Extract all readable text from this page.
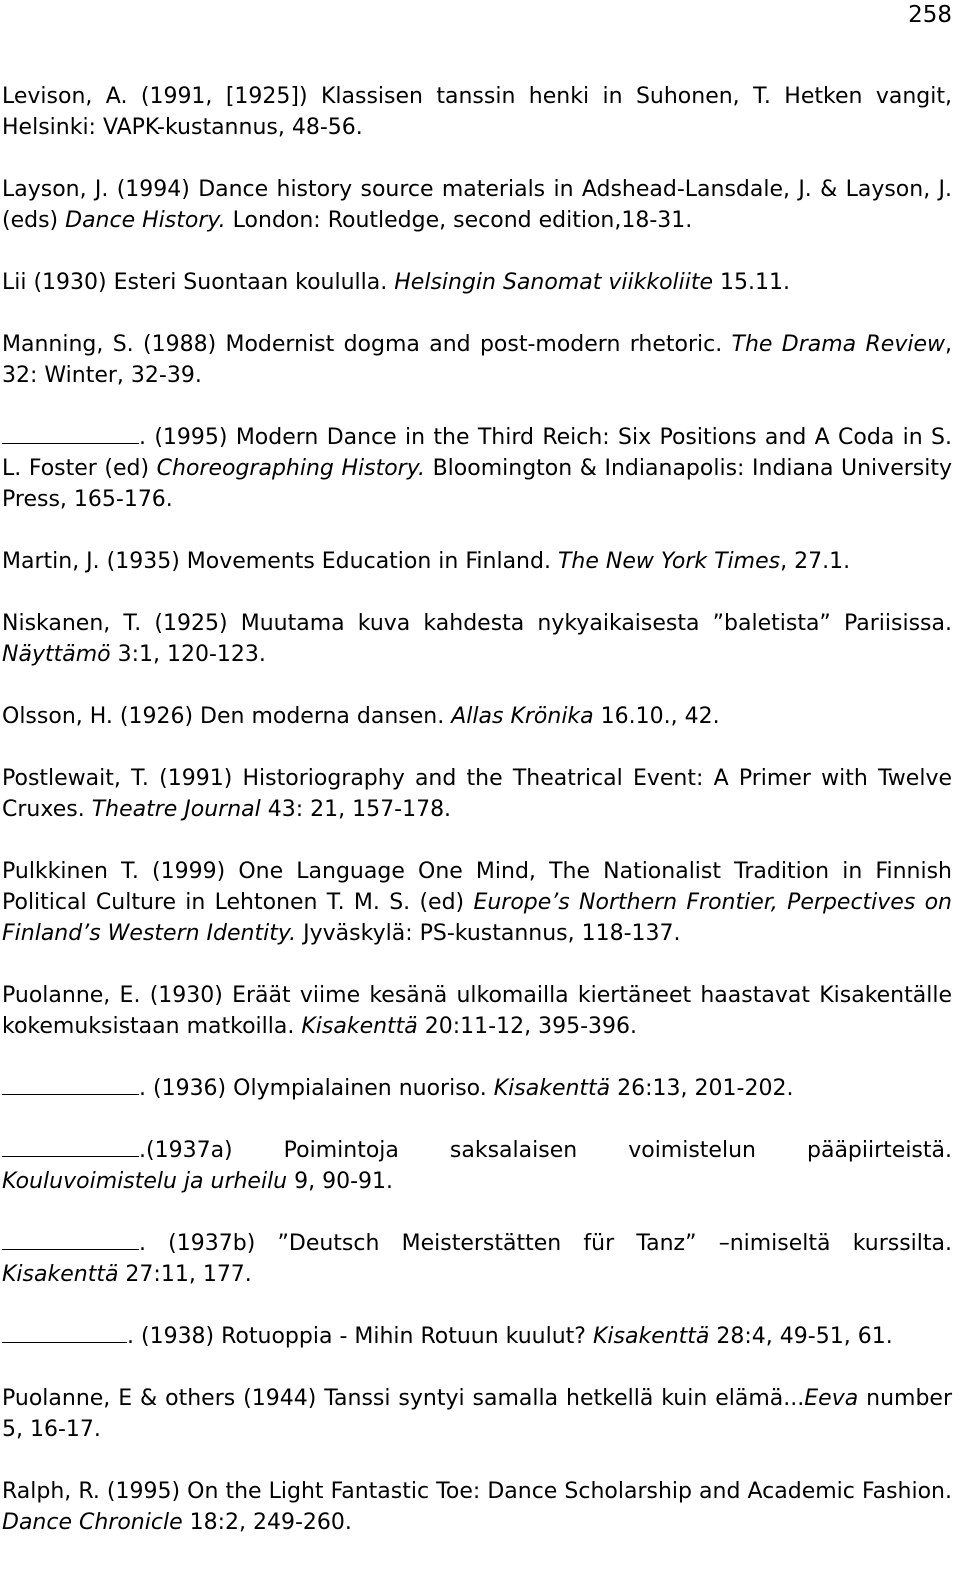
258

Levison, A. (1991, [1925]) Klassisen tanssin henki in Suhonen, T. Hetken vangit, Helsinki: VAPK-kustannus, 48-56.

Layson, J. (1994) Dance history source materials in Adshead-Lansdale, J. & Layson, J. (eds) Dance History. London: Routledge, second edition,18-31.

Lii (1930) Esteri Suontaan koululla. Helsingin Sanomat viikkoliite 15.11.

Manning, S. (1988) Modernist dogma and post-modern rhetoric. The Drama Review, 32: Winter, 32-39.

. (1995) Modern Dance in the Third Reich: Six Positions and A Coda in S. L. Foster (ed) Choreographing History. Bloomington & Indianapolis: Indiana University Press, 165-176.

Martin, J. (1935) Movements Education in Finland. The New York Times, 27.1.

Niskanen, T. (1925) Muutama kuva kahdesta nykyaikaisesta ”baletista” Pariisissa. Näyttämö 3:1, 120-123.

Olsson, H. (1926) Den moderna dansen. Allas Krönika 16.10., 42.

Postlewait, T. (1991) Historiography and the Theatrical Event: A Primer with Twelve Cruxes. Theatre Journal 43: 21, 157-178.

Pulkkinen T. (1999) One Language One Mind, The Nationalist Tradition in Finnish Political Culture in Lehtonen T. M. S. (ed) Europe’s Northern Frontier, Perpectives on Finland’s Western Identity. Jyväskylä: PS-kustannus, 118-137.

Puolanne, E. (1930) Eräät viime kesänä ulkomailla kiertäneet haastavat Kisakentälle kokemuksistaan matkoilla. Kisakenttä 20:11-12, 395-396.

. (1936) Olympialainen nuoriso. Kisakenttä 26:13, 201-202.

.(1937a) Poimintoja saksalaisen voimistelun pääpiirteistä. Kouluvoimistelu ja urheilu 9, 90-91.

. (1937b) ”Deutsch Meisterstätten für Tanz” –nimiseltä kurssilta. Kisakenttä 27:11, 177.

. (1938) Rotuoppia - Mihin Rotuun kuulut? Kisakenttä 28:4, 49-51, 61.

Puolanne, E & others (1944) Tanssi syntyi samalla hetkellä kuin elämä...Eeva number 5, 16-17.

Ralph, R. (1995) On the Light Fantastic Toe: Dance Scholarship and Academic Fashion. Dance Chronicle 18:2, 249-260.
